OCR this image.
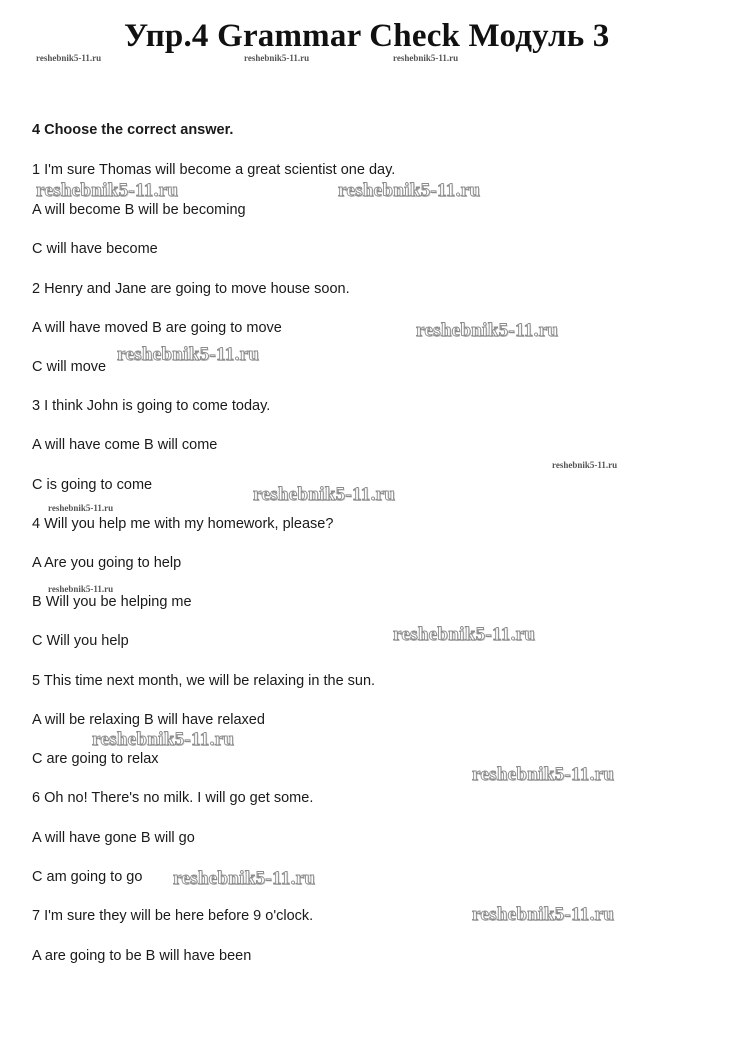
Упр.4 Grammar Check Модуль 3
reshebnik5-11.ru	reshebnik5-11.ru	reshebnik5-11.ru
reshebnik5-11.ru
reshebnik5-11.ru
reshebnik5-11.ru
4 Choose the correct answer.
1 I'm sure Thomas will become a great scientist one day.
A will become B will be becoming
C will have become
2 Henry and Jane are going to move house soon.
A will have moved B are going to move
C will move
3 I think John is going to come today.
A will have come B will come
C is going to come
4 Will you help me with my homework, please?
A Are you going to help
B Will you be helping me
C Will you help
5 This time next month, we will be relaxing in the sun.
A will be relaxing B will have relaxed
C are going to relax
6 Oh no! There's no milk. I will go get some.
A will have gone B will go
C am going to go
7 I'm sure they will be here before 9 o'clock.
A are going to be B will have been
reshebnik5-11.ru	reshebnik5-11.ru
reshebnik5-11.ru
reshebnik5-11.ru
reshebnik5-11.ru
reshebnik5-11.ru
reshebnik5-11.ru
reshebnik5-11.ru
reshebnik5-11.ru
reshebnik5-11.ru
